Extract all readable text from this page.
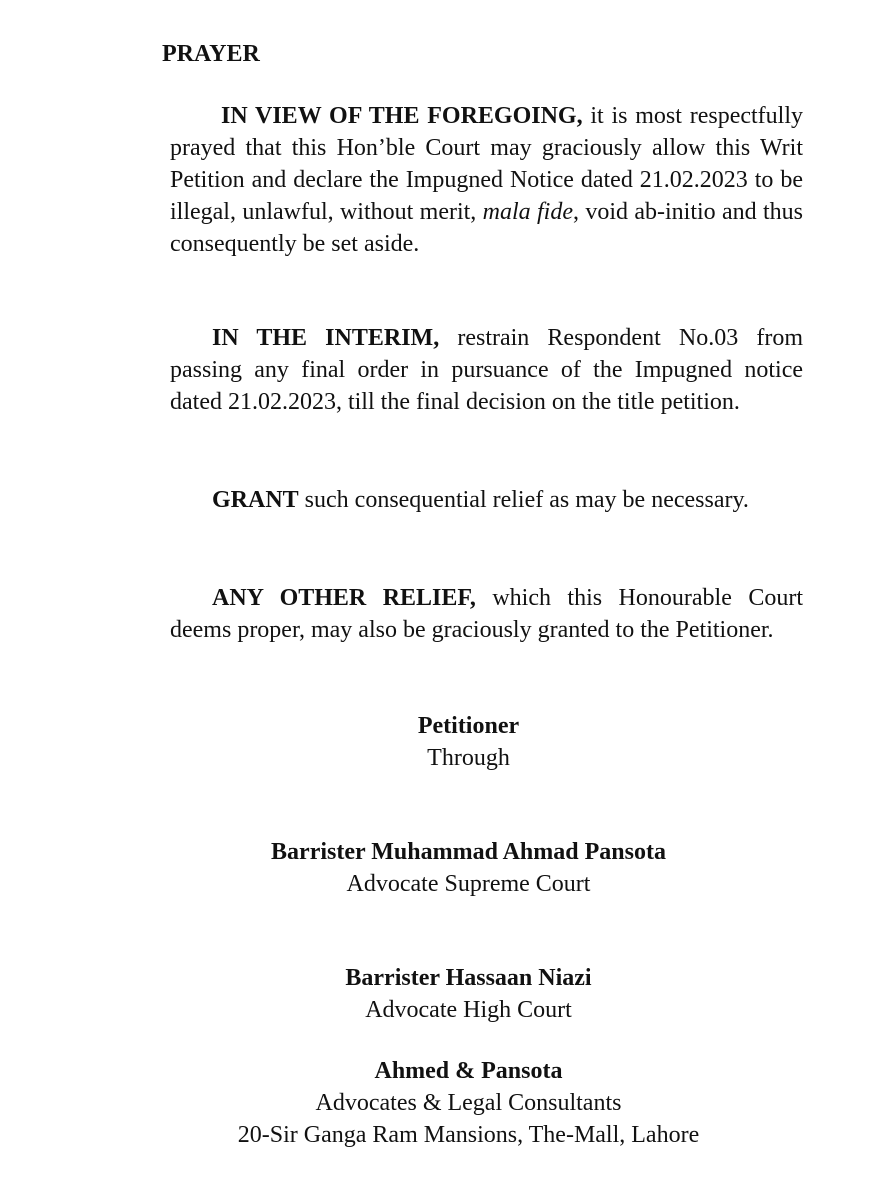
PRAYER
IN VIEW OF THE FOREGOING, it is most respectfully prayed that this Hon’ble Court may graciously allow this Writ Petition and declare the Impugned Notice dated 21.02.2023 to be illegal, unlawful, without merit, mala fide, void ab-initio and thus consequently be set aside.
IN THE INTERIM, restrain Respondent No.03 from passing any final order in pursuance of the Impugned notice dated 21.02.2023, till the final decision on the title petition.
GRANT such consequential relief as may be necessary.
ANY OTHER RELIEF, which this Honourable Court deems proper, may also be graciously granted to the Petitioner.
Petitioner
Through
Barrister Muhammad Ahmad Pansota
Advocate Supreme Court
Barrister Hassaan Niazi
Advocate High Court
Ahmed & Pansota
Advocates & Legal Consultants
20-Sir Ganga Ram Mansions, The-Mall, Lahore
